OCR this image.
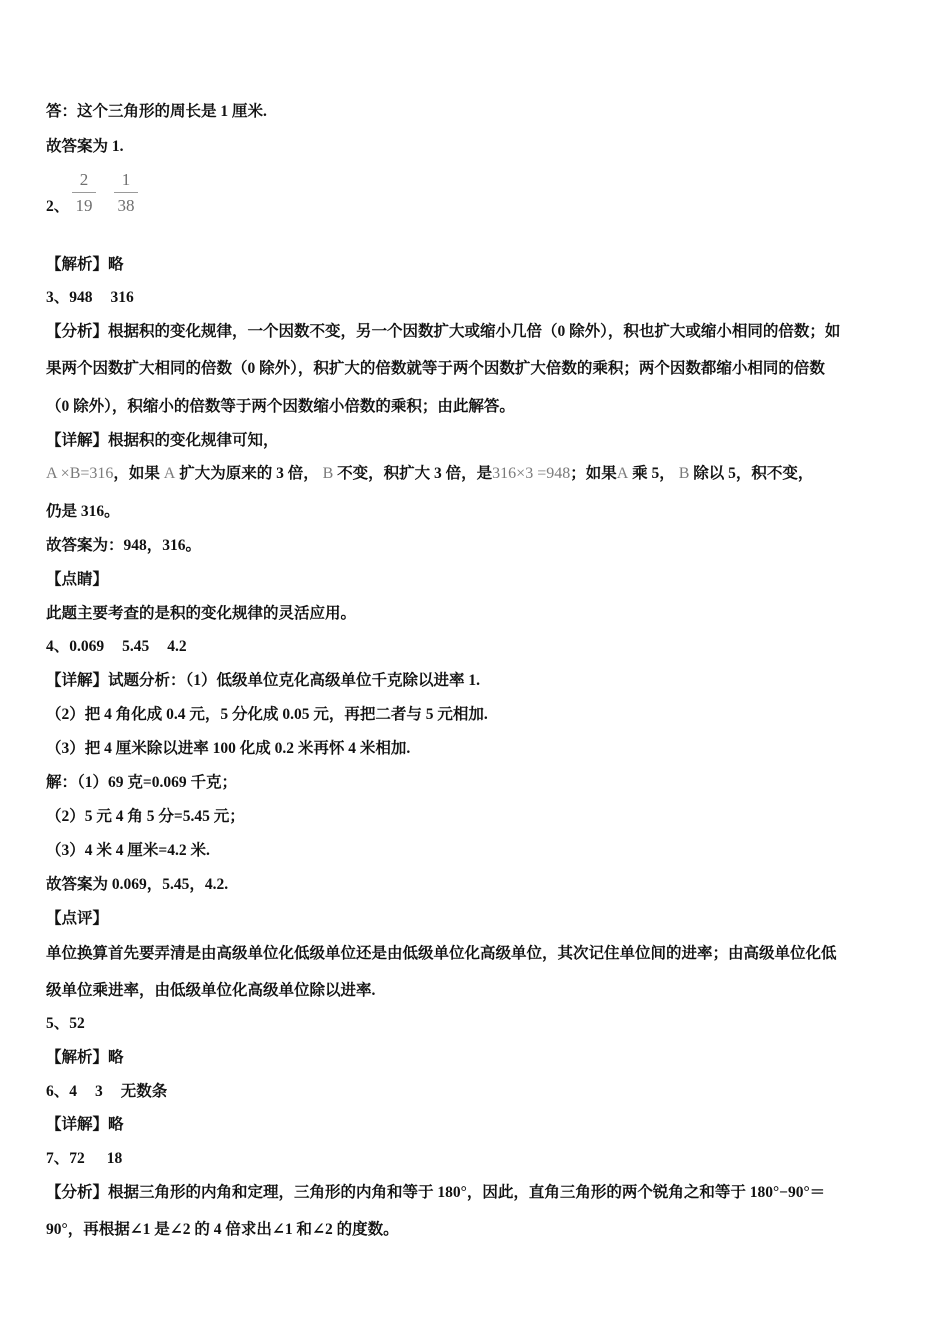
答：这个三角形的周长是 1 厘米.
故答案为 1.
2、 $\frac{2}{19} \frac{1}{38}$
【解析】略
3、948 316
【分析】根据积的变化规律，一个因数不变，另一个因数扩大或缩小几倍（0 除外），积也扩大或缩小相同的倍数；如
果两个因数扩大相同的倍数（0 除外），积扩大的倍数就等于两个因数扩大倍数的乘积；两个因数都缩小相同的倍数
（0 除外），积缩小的倍数等于两个因数缩小倍数的乘积；由此解答。
【详解】根据积的变化规律可知，
A ×B=316，如果 A 扩大为原来的 3 倍， B 不变，积扩大 3 倍，是316×3 =948；如果A 乘 5， B 除以 5，积不变，
仍是 316。
故答案为：948，316。
【点睛】
此题主要考查的是积的变化规律的灵活应用。
4、0.069 5.45 4.2
【详解】试题分析：（1）低级单位克化高级单位千克除以进率 1.
（2）把 4 角化成 0.4 元，5 分化成 0.05 元，再把二者与 5 元相加.
（3）把 4 厘米除以进率 100 化成 0.2 米再怀 4 米相加.
解：（1）69 克=0.069 千克；
（2）5 元 4 角 5 分=5.45 元；
（3）4 米 4 厘米=4.2 米.
故答案为 0.069，5.45，4.2.
【点评】
单位换算首先要弄清是由高级单位化低级单位还是由低级单位化高级单位，其次记住单位间的进率；由高级单位化低
级单位乘进率，由低级单位化高级单位除以进率.
5、52
【解析】略
6、4 3 无数条
【详解】略
7、72 18
【分析】根据三角形的内角和定理，三角形的内角和等于 180°，因此，直角三角形的两个锐角之和等于 180°−90°＝
90°，再根据∠1 是∠2 的 4 倍求出∠1 和∠2 的度数。
